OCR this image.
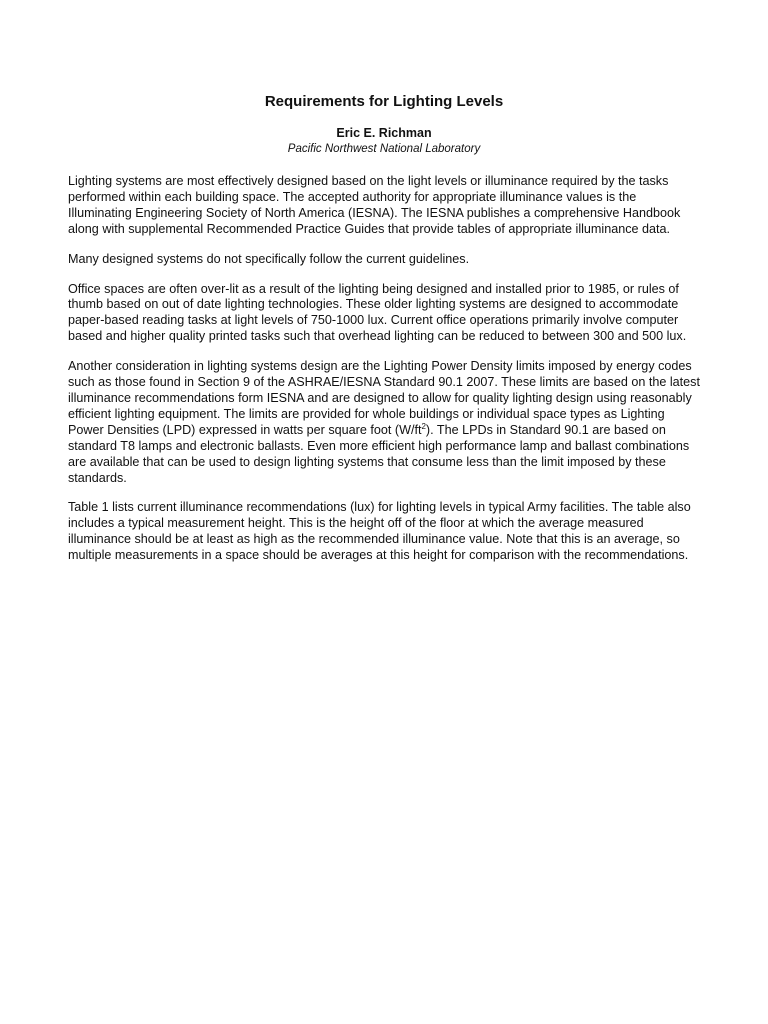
Requirements for Lighting Levels
Eric E. Richman
Pacific Northwest National Laboratory

Lighting systems are most effectively designed based on the light levels or illuminance required by the tasks performed within each building space. The accepted authority for appropriate illuminance values is the Illuminating Engineering Society of North America (IESNA). The IESNA publishes a comprehensive Handbook along with supplemental Recommended Practice Guides that provide tables of appropriate illuminance data.

Many designed systems do not specifically follow the current guidelines.

Office spaces are often over-lit as a result of the lighting being designed and installed prior to 1985, or rules of thumb based on out of date lighting technologies. These older lighting systems are designed to accommodate paper-based reading tasks at light levels of 750-1000 lux. Current office operations primarily involve computer based and higher quality printed tasks such that overhead lighting can be reduced to between 300 and 500 lux.

Another consideration in lighting systems design are the Lighting Power Density limits imposed by energy codes such as those found in Section 9 of the ASHRAE/IESNA Standard 90.1 2007. These limits are based on the latest illuminance recommendations form IESNA and are designed to allow for quality lighting design using reasonably efficient lighting equipment. The limits are provided for whole buildings or individual space types as Lighting Power Densities (LPD) expressed in watts per square foot $(W/ft^2)$. The LPDs in Standard 90.1 are based on standard T8 lamps and electronic ballasts. Even more efficient high performance lamp and ballast combinations are available that can be used to design lighting systems that consume less than the limit imposed by these standards.

Table 1 lists current illuminance recommendations (lux) for lighting levels in typical Army facilities. The table also includes a typical measurement height. This is the height off of the floor at which the average measured illuminance should be at least as high as the recommended illuminance value. Note that this is an average, so multiple measurements in a space should be averages at this height for comparison with the recommendations.
